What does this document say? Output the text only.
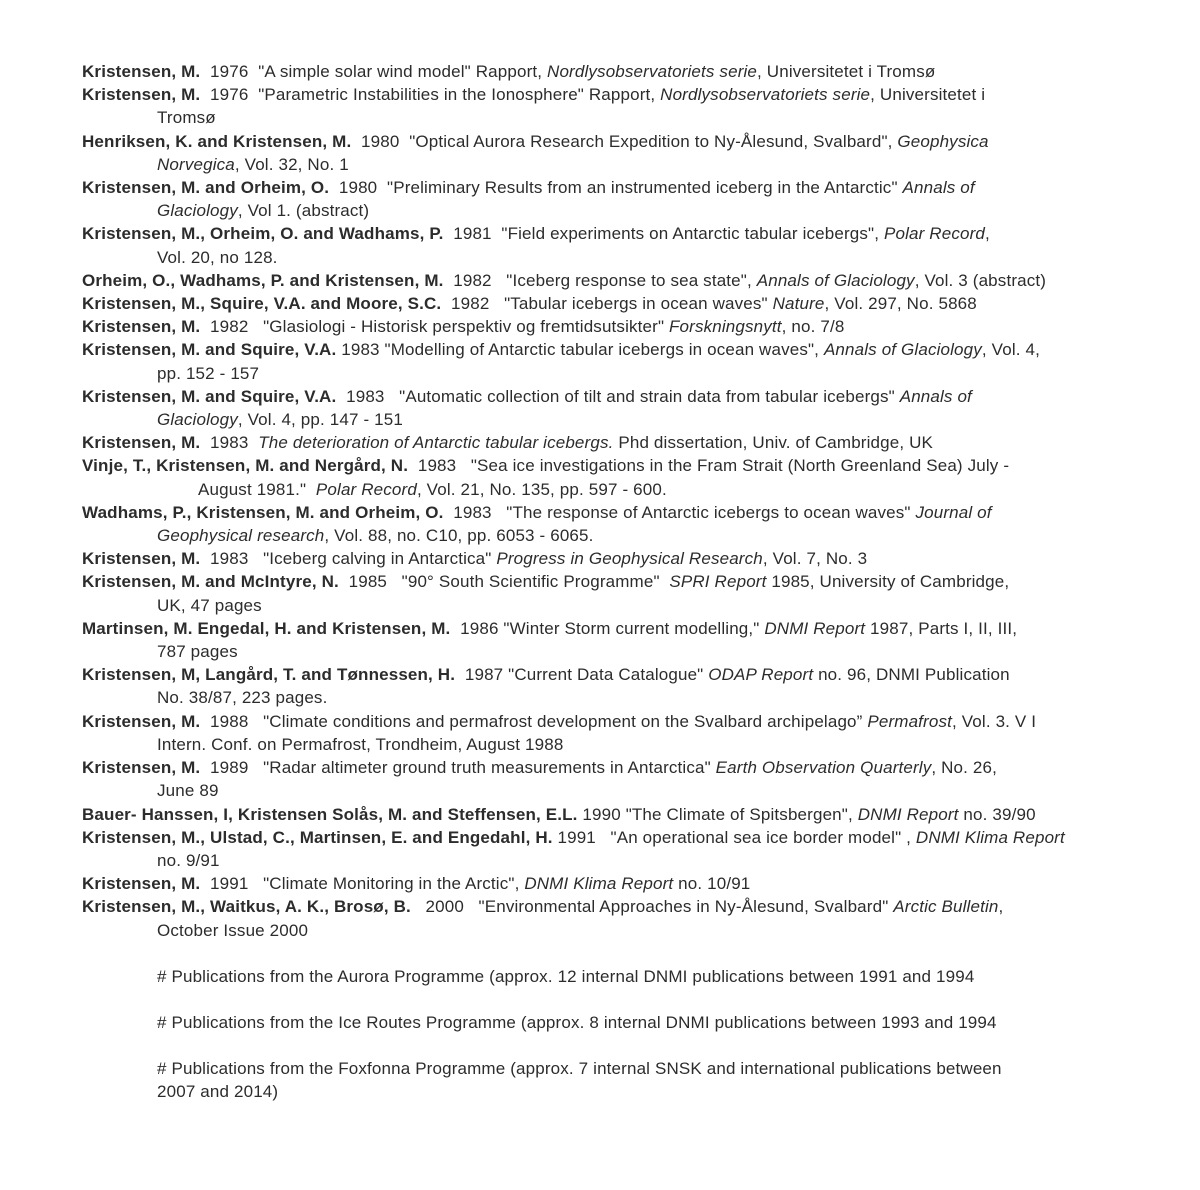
Kristensen, M.  1976  "A simple solar wind model" Rapport, Nordlysobservatoriets serie, Universitetet i Tromsø
Kristensen, M.  1976  "Parametric Instabilities in the Ionosphere" Rapport, Nordlysobservatoriets serie, Universitetet i
Tromsø
Henriksen, K. and Kristensen, M.  1980  "Optical Aurora Research Expedition to Ny-Ålesund, Svalbard", Geophysica
Norvegica, Vol. 32, No. 1
Kristensen, M. and Orheim, O.  1980  "Preliminary Results from an instrumented iceberg in the Antarctic" Annals of
Glaciology, Vol 1. (abstract)
Kristensen, M., Orheim, O. and Wadhams, P.  1981  "Field experiments on Antarctic tabular icebergs", Polar Record,
Vol. 20, no 128.
Orheim, O., Wadhams, P. and Kristensen, M.  1982   "Iceberg response to sea state", Annals of Glaciology, Vol. 3 (abstract)
Kristensen, M., Squire, V.A. and Moore, S.C.  1982   "Tabular icebergs in ocean waves" Nature, Vol. 297, No. 5868
Kristensen, M.  1982   "Glasiologi - Historisk perspektiv og fremtidsutsikter" Forskningsnytt, no. 7/8
Kristensen, M. and Squire, V.A. 1983 "Modelling of Antarctic tabular icebergs in ocean waves", Annals of Glaciology, Vol. 4,
pp. 152 - 157
Kristensen, M. and Squire, V.A.  1983   "Automatic collection of tilt and strain data from tabular icebergs" Annals of
Glaciology, Vol. 4, pp. 147 - 151
Kristensen, M.  1983  The deterioration of Antarctic tabular icebergs. Phd dissertation, Univ. of Cambridge, UK
Vinje, T., Kristensen, M. and Nergård, N.  1983   "Sea ice investigations in the Fram Strait (North Greenland Sea) July -
August 1981."  Polar Record, Vol. 21, No. 135, pp. 597 - 600.
Wadhams, P., Kristensen, M. and Orheim, O.  1983   "The response of Antarctic icebergs to ocean waves" Journal of
Geophysical research, Vol. 88, no. C10, pp. 6053 - 6065.
Kristensen, M.  1983   "Iceberg calving in Antarctica" Progress in Geophysical Research, Vol. 7, No. 3
Kristensen, M. and McIntyre, N.  1985   "90° South Scientific Programme"  SPRI Report 1985, University of Cambridge,
UK, 47 pages
Martinsen, M. Engedal, H. and Kristensen, M.  1986 "Winter Storm current modelling," DNMI Report 1987, Parts I, II, III,
787 pages
Kristensen, M, Langård, T. and Tønnessen, H.  1987 "Current Data Catalogue" ODAP Report no. 96, DNMI Publication
No. 38/87, 223 pages.
Kristensen, M.  1988   "Climate conditions and permafrost development on the Svalbard archipelago” Permafrost, Vol. 3. V I
Intern. Conf. on Permafrost, Trondheim, August 1988
Kristensen, M.  1989   "Radar altimeter ground truth measurements in Antarctica" Earth Observation Quarterly, No. 26,
June 89
Bauer- Hanssen, I, Kristensen Solås, M. and Steffensen, E.L. 1990 "The Climate of Spitsbergen", DNMI Report no. 39/90
Kristensen, M., Ulstad, C., Martinsen, E. and Engedahl, H. 1991   "An operational sea ice border model" , DNMI Klima Report
no. 9/91
Kristensen, M.  1991   "Climate Monitoring in the Arctic", DNMI Klima Report no. 10/91
Kristensen, M., Waitkus, A. K., Brosø, B.   2000   "Environmental Approaches in Ny-Ålesund, Svalbard" Arctic Bulletin,
October Issue 2000
# Publications from the Aurora Programme (approx. 12 internal DNMI publications between 1991 and 1994
# Publications from the Ice Routes Programme (approx. 8 internal DNMI publications between 1993 and 1994
# Publications from the Foxfonna Programme (approx. 7 internal SNSK and international publications between
2007 and 2014)
